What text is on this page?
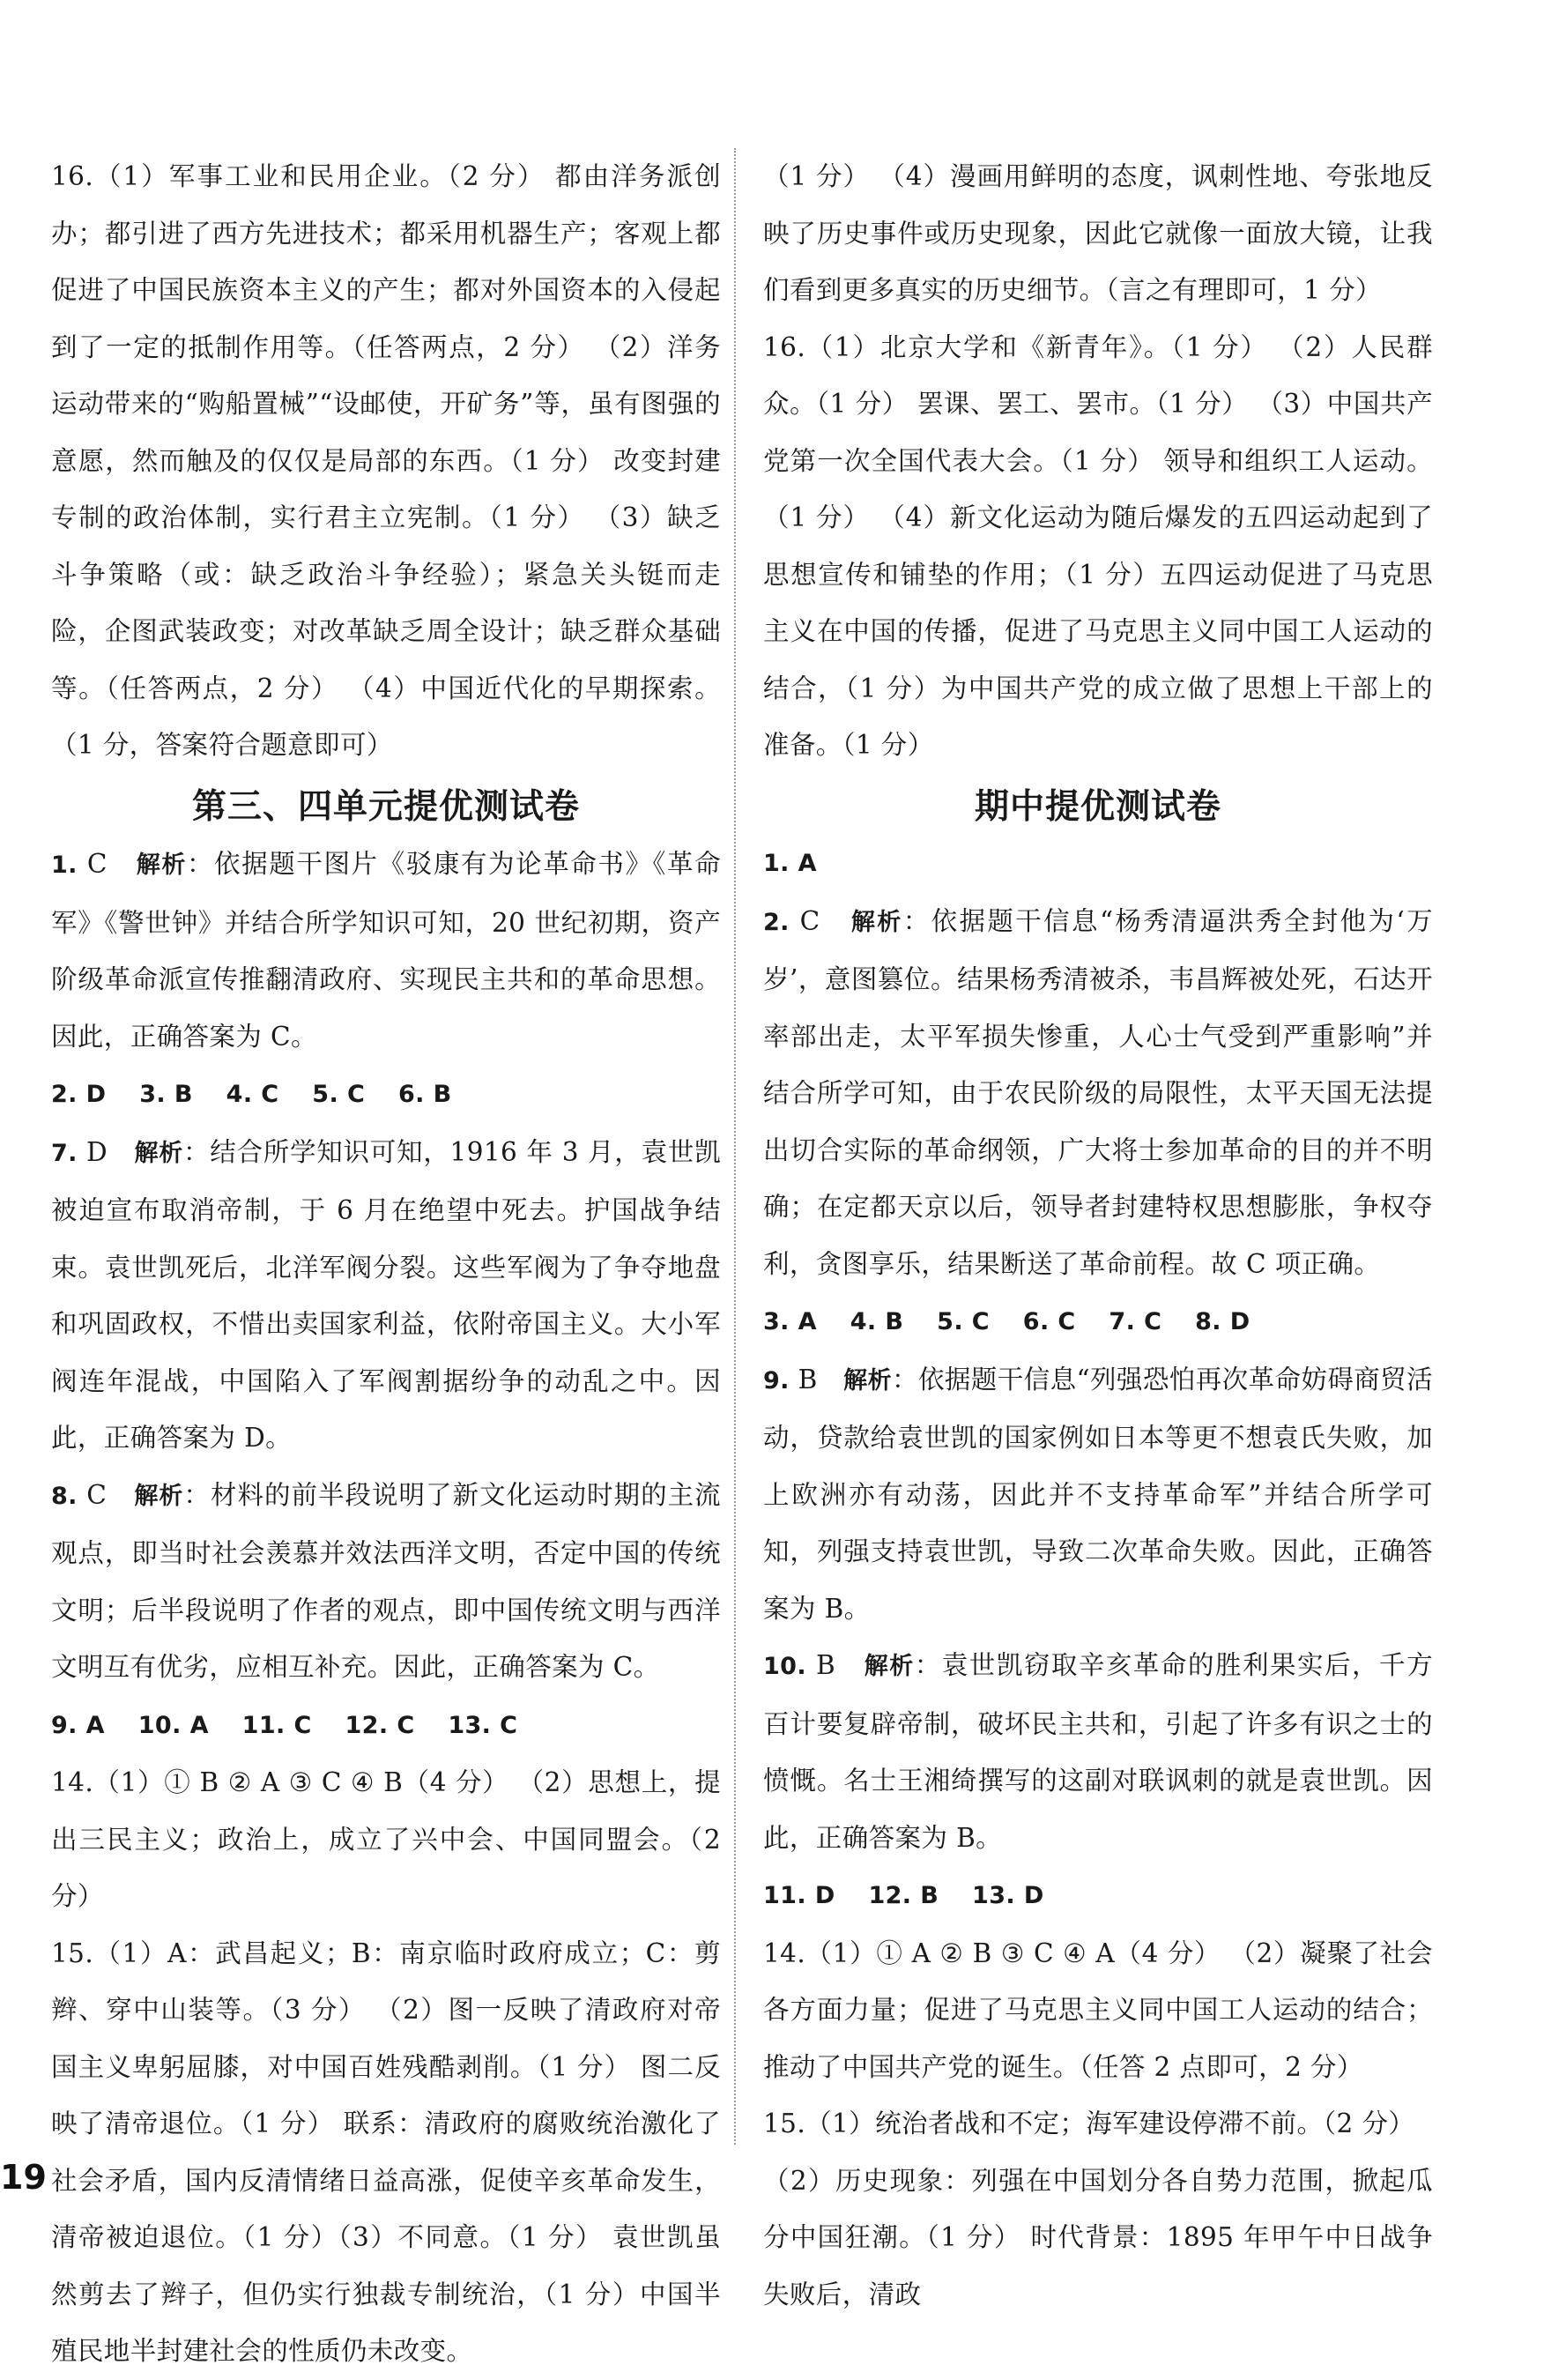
16.（1）军事工业和民用企业。（2 分） 都由洋务派创办；都引进了西方先进技术；都采用机器生产；客观上都促进了中国民族资本主义的产生；都对外国资本的入侵起到了一定的抵制作用等。（任答两点，2 分） （2）洋务运动带来的“购船置械”“设邮使，开矿务”等，虽有图强的意愿，然而触及的仅仅是局部的东西。（1 分） 改变封建专制的政治体制，实行君主立宪制。（1 分） （3）缺乏斗争策略（或：缺乏政治斗争经验）；紧急关头铤而走险，企图武装政变；对改革缺乏周全设计；缺乏群众基础等。（任答两点，2 分） （4）中国近代化的早期探索。（1 分，答案符合题意即可）

第三、四单元提优测试卷

1. C 解析：依据题干图片《驳康有为论革命书》《革命军》《警世钟》并结合所学知识可知，20 世纪初期，资产阶级革命派宣传推翻清政府、实现民主共和的革命思想。因此，正确答案为 C。

2. D 3. B 4. C 5. C 6. B

7. D 解析：结合所学知识可知，1916 年 3 月，袁世凯被迫宣布取消帝制，于 6 月在绝望中死去。护国战争结束。袁世凯死后，北洋军阀分裂。这些军阀为了争夺地盘和巩固政权，不惜出卖国家利益，依附帝国主义。大小军阀连年混战，中国陷入了军阀割据纷争的动乱之中。因此，正确答案为 D。

8. C 解析：材料的前半段说明了新文化运动时期的主流观点，即当时社会羡慕并效法西洋文明，否定中国的传统文明；后半段说明了作者的观点，即中国传统文明与西洋文明互有优劣，应相互补充。因此，正确答案为 C。

9. A 10. A 11. C 12. C 13. C

14.（1）① B ② A ③ C ④ B（4 分） （2）思想上，提出三民主义；政治上，成立了兴中会、中国同盟会。（2 分）

15.（1）A：武昌起义；B：南京临时政府成立；C：剪辫、穿中山装等。（3 分） （2）图一反映了清政府对帝国主义卑躬屈膝，对中国百姓残酷剥削。（1 分） 图二反映了清帝退位。（1 分） 联系：清政府的腐败统治激化了社会矛盾，国内反清情绪日益高涨，促使辛亥革命发生，清帝被迫退位。（1 分）（3）不同意。（1 分） 袁世凯虽然剪去了辫子，但仍实行独裁专制统治，（1 分）中国半殖民地半封建社会的性质仍未改变。

（1 分） （4）漫画用鲜明的态度，讽刺性地、夸张地反映了历史事件或历史现象，因此它就像一面放大镜，让我们看到更多真实的历史细节。（言之有理即可，1 分）

16.（1）北京大学和《新青年》。（1 分） （2）人民群众。（1 分） 罢课、罢工、罢市。（1 分） （3）中国共产党第一次全国代表大会。（1 分） 领导和组织工人运动。（1 分） （4）新文化运动为随后爆发的五四运动起到了思想宣传和铺垫的作用；（1 分）五四运动促进了马克思主义在中国的传播，促进了马克思主义同中国工人运动的结合，（1 分）为中国共产党的成立做了思想上干部上的准备。（1 分）

期中提优测试卷

1. A

2. C 解析：依据题干信息“杨秀清逼洪秀全封他为‘万岁’，意图篡位。结果杨秀清被杀，韦昌辉被处死，石达开率部出走，太平军损失惨重，人心士气受到严重影响”并结合所学可知，由于农民阶级的局限性，太平天国无法提出切合实际的革命纲领，广大将士参加革命的目的并不明确；在定都天京以后，领导者封建特权思想膨胀，争权夺利，贪图享乐，结果断送了革命前程。故 C 项正确。

3. A 4. B 5. C 6. C 7. C 8. D

9. B 解析：依据题干信息“列强恐怕再次革命妨碍商贸活动，贷款给袁世凯的国家例如日本等更不想袁氏失败，加上欧洲亦有动荡，因此并不支持革命军”并结合所学可知，列强支持袁世凯，导致二次革命失败。因此，正确答案为 B。

10. B 解析：袁世凯窃取辛亥革命的胜利果实后，千方百计要复辟帝制，破坏民主共和，引起了许多有识之士的愤慨。名士王湘绮撰写的这副对联讽刺的就是袁世凯。因此，正确答案为 B。

11. D 12. B 13. D

14.（1）① A ② B ③ C ④ A（4 分） （2）凝聚了社会各方面力量；促进了马克思主义同中国工人运动的结合；推动了中国共产党的诞生。（任答 2 点即可，2 分）

15.（1）统治者战和不定；海军建设停滞不前。（2 分）

（2）历史现象：列强在中国划分各自势力范围，掀起瓜分中国狂潮。（1 分） 时代背景：1895 年甲午中日战争失败后，清政

19
